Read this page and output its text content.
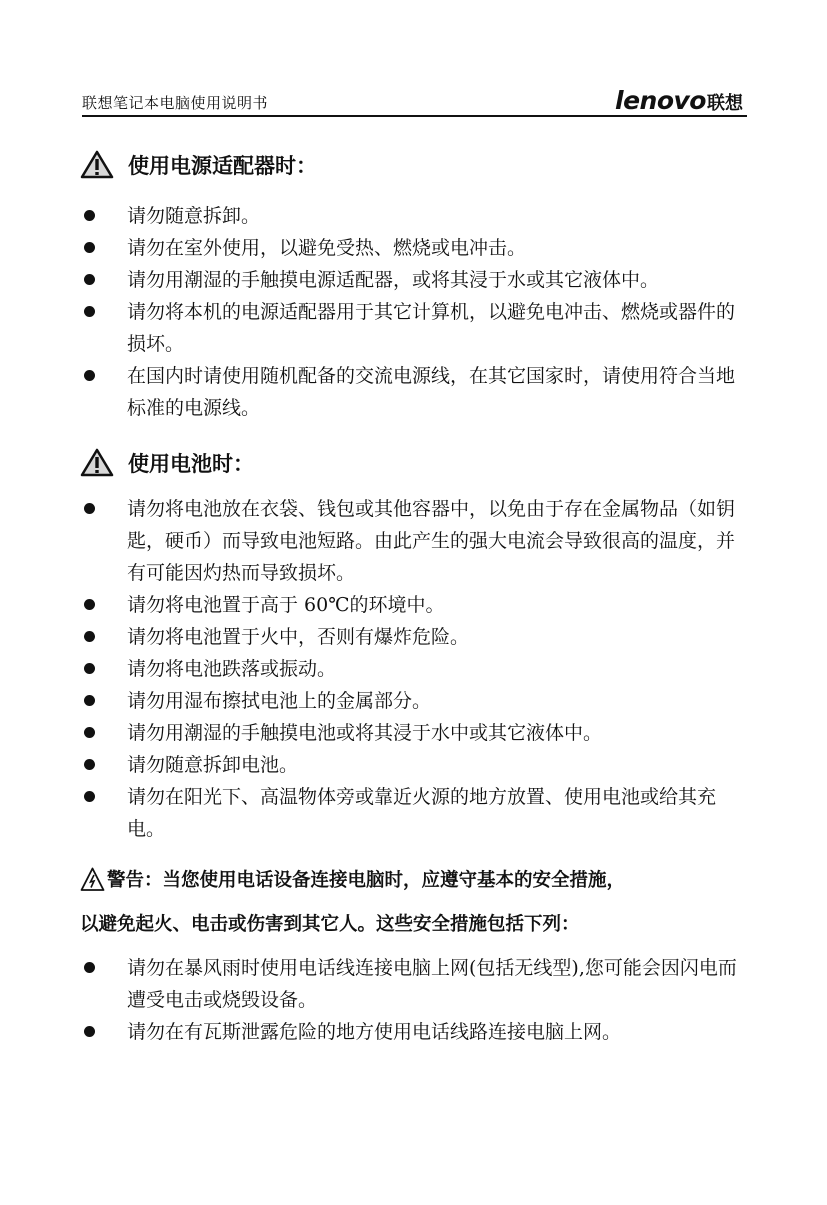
联想笔记本电脑使用说明书	lenovo 联想
使用电源适配器时：
请勿随意拆卸。
请勿在室外使用，以避免受热、燃烧或电冲击。
请勿用潮湿的手触摸电源适配器，或将其浸于水或其它液体中。
请勿将本机的电源适配器用于其它计算机，以避免电冲击、燃烧或器件的损坏。
在国内时请使用随机配备的交流电源线，在其它国家时，请使用符合当地标准的电源线。
使用电池时：
请勿将电池放在衣袋、钱包或其他容器中，以免由于存在金属物品（如钥匙，硬币）而导致电池短路。由此产生的强大电流会导致很高的温度，并有可能因灼热而导致损坏。
请勿将电池置于高于 60℃的环境中。
请勿将电池置于火中，否则有爆炸危险。
请勿将电池跌落或振动。
请勿用湿布擦拭电池上的金属部分。
请勿用潮湿的手触摸电池或将其浸于水中或其它液体中。
请勿随意拆卸电池。
请勿在阳光下、高温物体旁或靠近火源的地方放置、使用电池或给其充电。
警告：当您使用电话设备连接电脑时，应遵守基本的安全措施，
以避免起火、电击或伤害到其它人。这些安全措施包括下列：
请勿在暴风雨时使用电话线连接电脑上网(包括无线型),您可能会因闪电而遭受电击或烧毁设备。
请勿在有瓦斯泄露危险的地方使用电话线路连接电脑上网。
